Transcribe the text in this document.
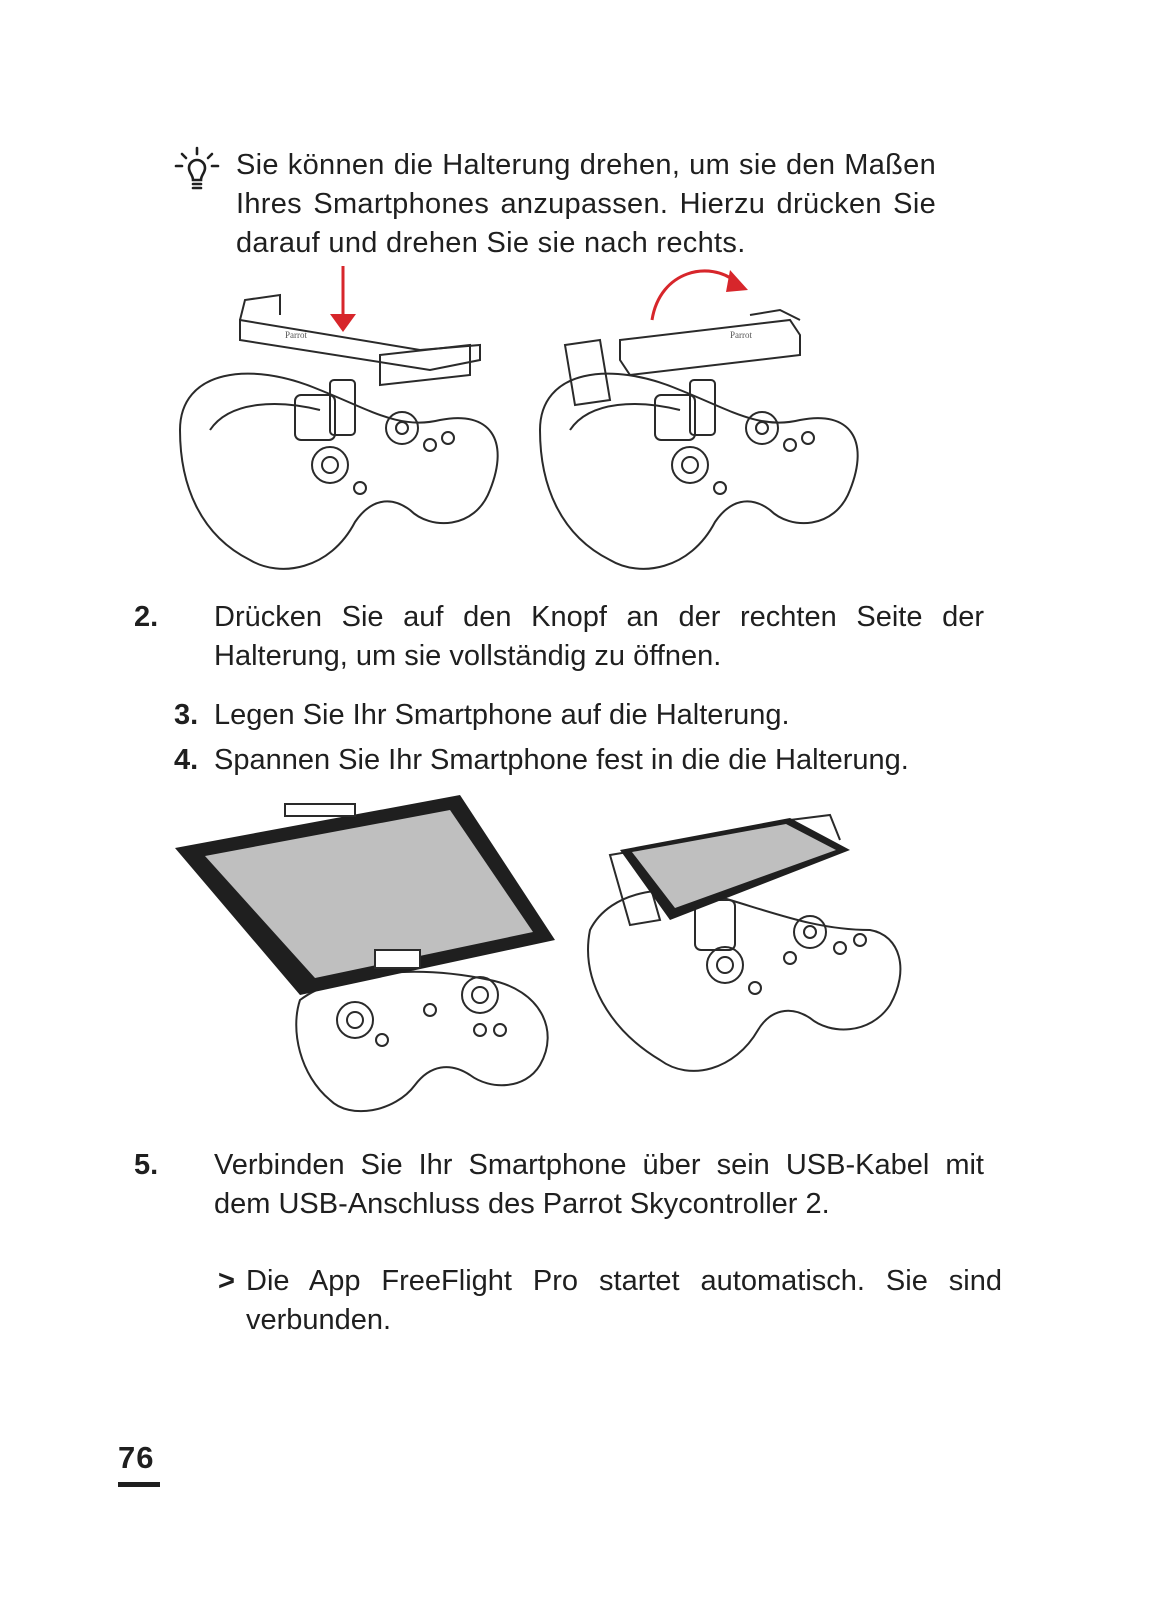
Sie können die Halterung drehen, um sie den Maßen Ihres Smartphones anzupassen. Hierzu drücken Sie darauf und drehen Sie sie nach rechts.
Parrot	Parrot
2. Drücken Sie auf den Knopf an der rechten Seite der Halterung, um sie vollständig zu öffnen.
3. Legen Sie Ihr Smartphone auf die Halterung.
4. Spannen Sie Ihr Smartphone fest in die die Halterung.
5. Verbinden Sie Ihr Smartphone über sein USB-Kabel mit dem USB-Anschluss des Parrot Skycontroller 2.
> Die App FreeFlight Pro startet automatisch. Sie sind verbunden.
76
